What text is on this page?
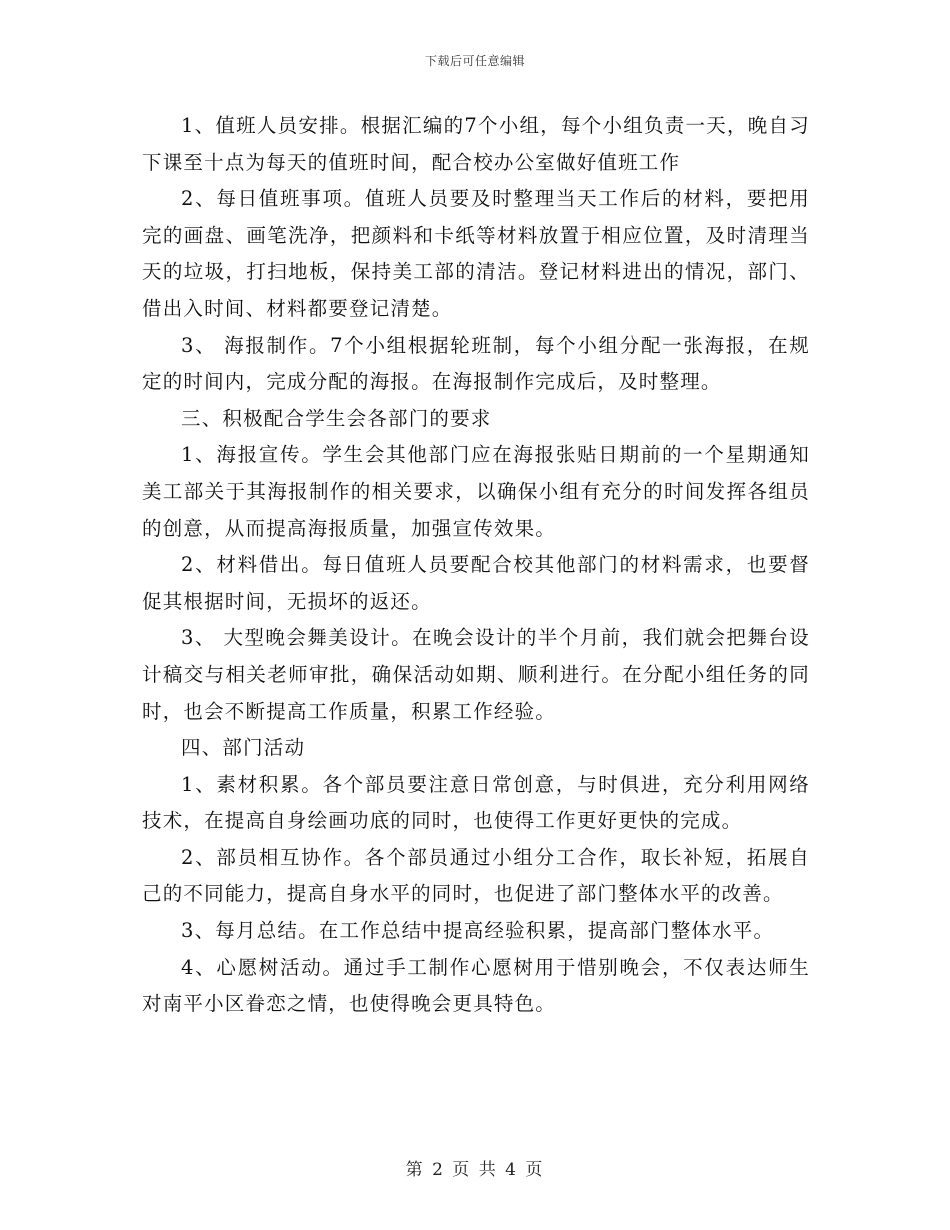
下载后可任意编辑

1、值班人员安排。根据汇编的7个小组，每个小组负责一天，晚自习下课至十点为每天的值班时间，配合校办公室做好值班工作

2、每日值班事项。值班人员要及时整理当天工作后的材料，要把用完的画盘、画笔洗净，把颜料和卡纸等材料放置于相应位置，及时清理当天的垃圾，打扫地板，保持美工部的清洁。登记材料进出的情况，部门、借出入时间、材料都要登记清楚。

3、 海报制作。7个小组根据轮班制，每个小组分配一张海报，在规定的时间内，完成分配的海报。在海报制作完成后，及时整理。

三、积极配合学生会各部门的要求

1、海报宣传。学生会其他部门应在海报张贴日期前的一个星期通知美工部关于其海报制作的相关要求，以确保小组有充分的时间发挥各组员的创意，从而提高海报质量，加强宣传效果。

2、材料借出。每日值班人员要配合校其他部门的材料需求，也要督促其根据时间，无损坏的返还。

3、 大型晚会舞美设计。在晚会设计的半个月前，我们就会把舞台设计稿交与相关老师审批，确保活动如期、顺利进行。在分配小组任务的同时，也会不断提高工作质量，积累工作经验。

四、部门活动

1、素材积累。各个部员要注意日常创意，与时俱进，充分利用网络技术，在提高自身绘画功底的同时，也使得工作更好更快的完成。

2、部员相互协作。各个部员通过小组分工合作，取长补短，拓展自己的不同能力，提高自身水平的同时，也促进了部门整体水平的改善。

3、每月总结。在工作总结中提高经验积累，提高部门整体水平。

4、心愿树活动。通过手工制作心愿树用于惜别晚会，不仅表达师生对南平小区眷恋之情，也使得晚会更具特色。

第 2 页 共 4 页
